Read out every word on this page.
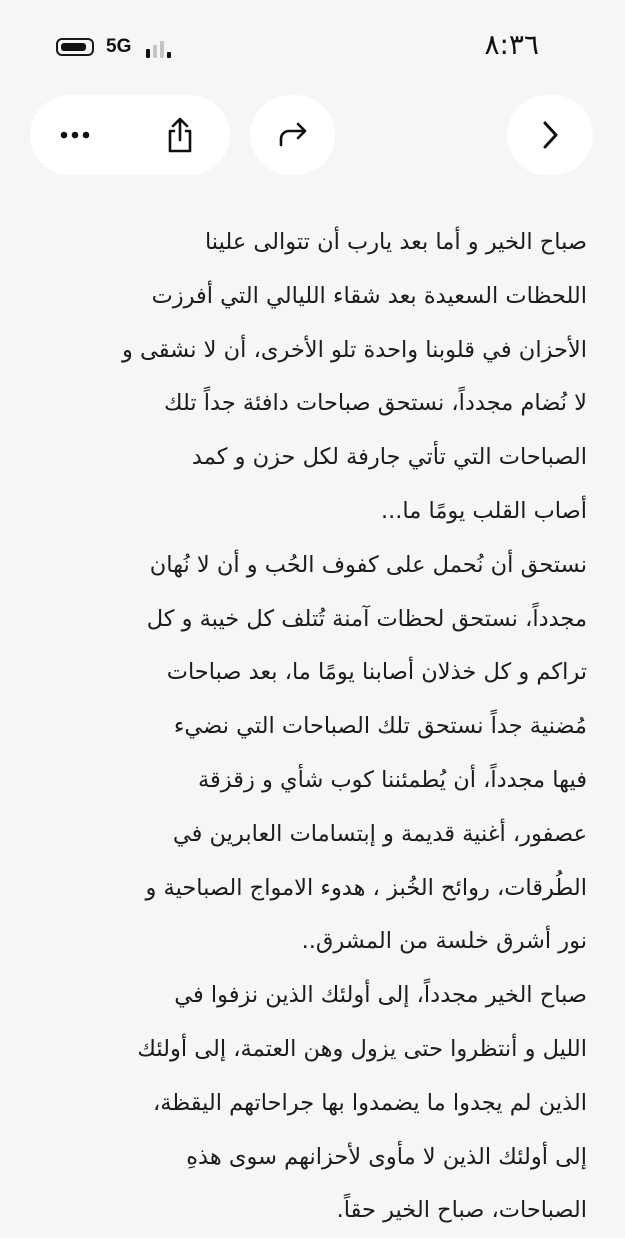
5G	٨:٣٦
صباح الخير و أما بعد يارب أن تتوالى علينا
اللحظات السعيدة بعد شقاء الليالي التي أفرزت
الأحزان في قلوبنا واحدة تلو الأخرى، أن لا نشقى و
لا نُضام مجدداً، نستحق صباحات دافئة جداً تلك
الصباحات التي تأتي جارفة لكل حزن و كمد
أصاب القلب يومًا ما...
نستحق أن نُحمل على كفوف الحُب و أن لا نُهان
مجدداً، نستحق لحظات آمنة تُتلف كل خيبة و كل
تراكم و كل خذلان أصابنا يومًا ما، بعد صباحات
مُضنية جداً نستحق تلك الصباحات التي نضيء
فيها مجدداً، أن يُطمئننا كوب شأي و زقزقة
عصفور، أغنية قديمة و إبتسامات العابرين في
الطُرقات، روائح الخُبز ، هدوء الامواج الصباحية و
نور أشرق خلسة من المشرق..
صباح الخير مجدداً، إلى أولئك الذين نزفوا في
الليل و أنتظروا حتى يزول وهن العتمة، إلى أولئك
الذين لم يجدوا ما يضمدوا بها جراحاتهم اليقظة،
إلى أولئك الذين لا مأوى لأحزانهم سوى هذهِ
الصباحات، صباح الخير حقاً.
